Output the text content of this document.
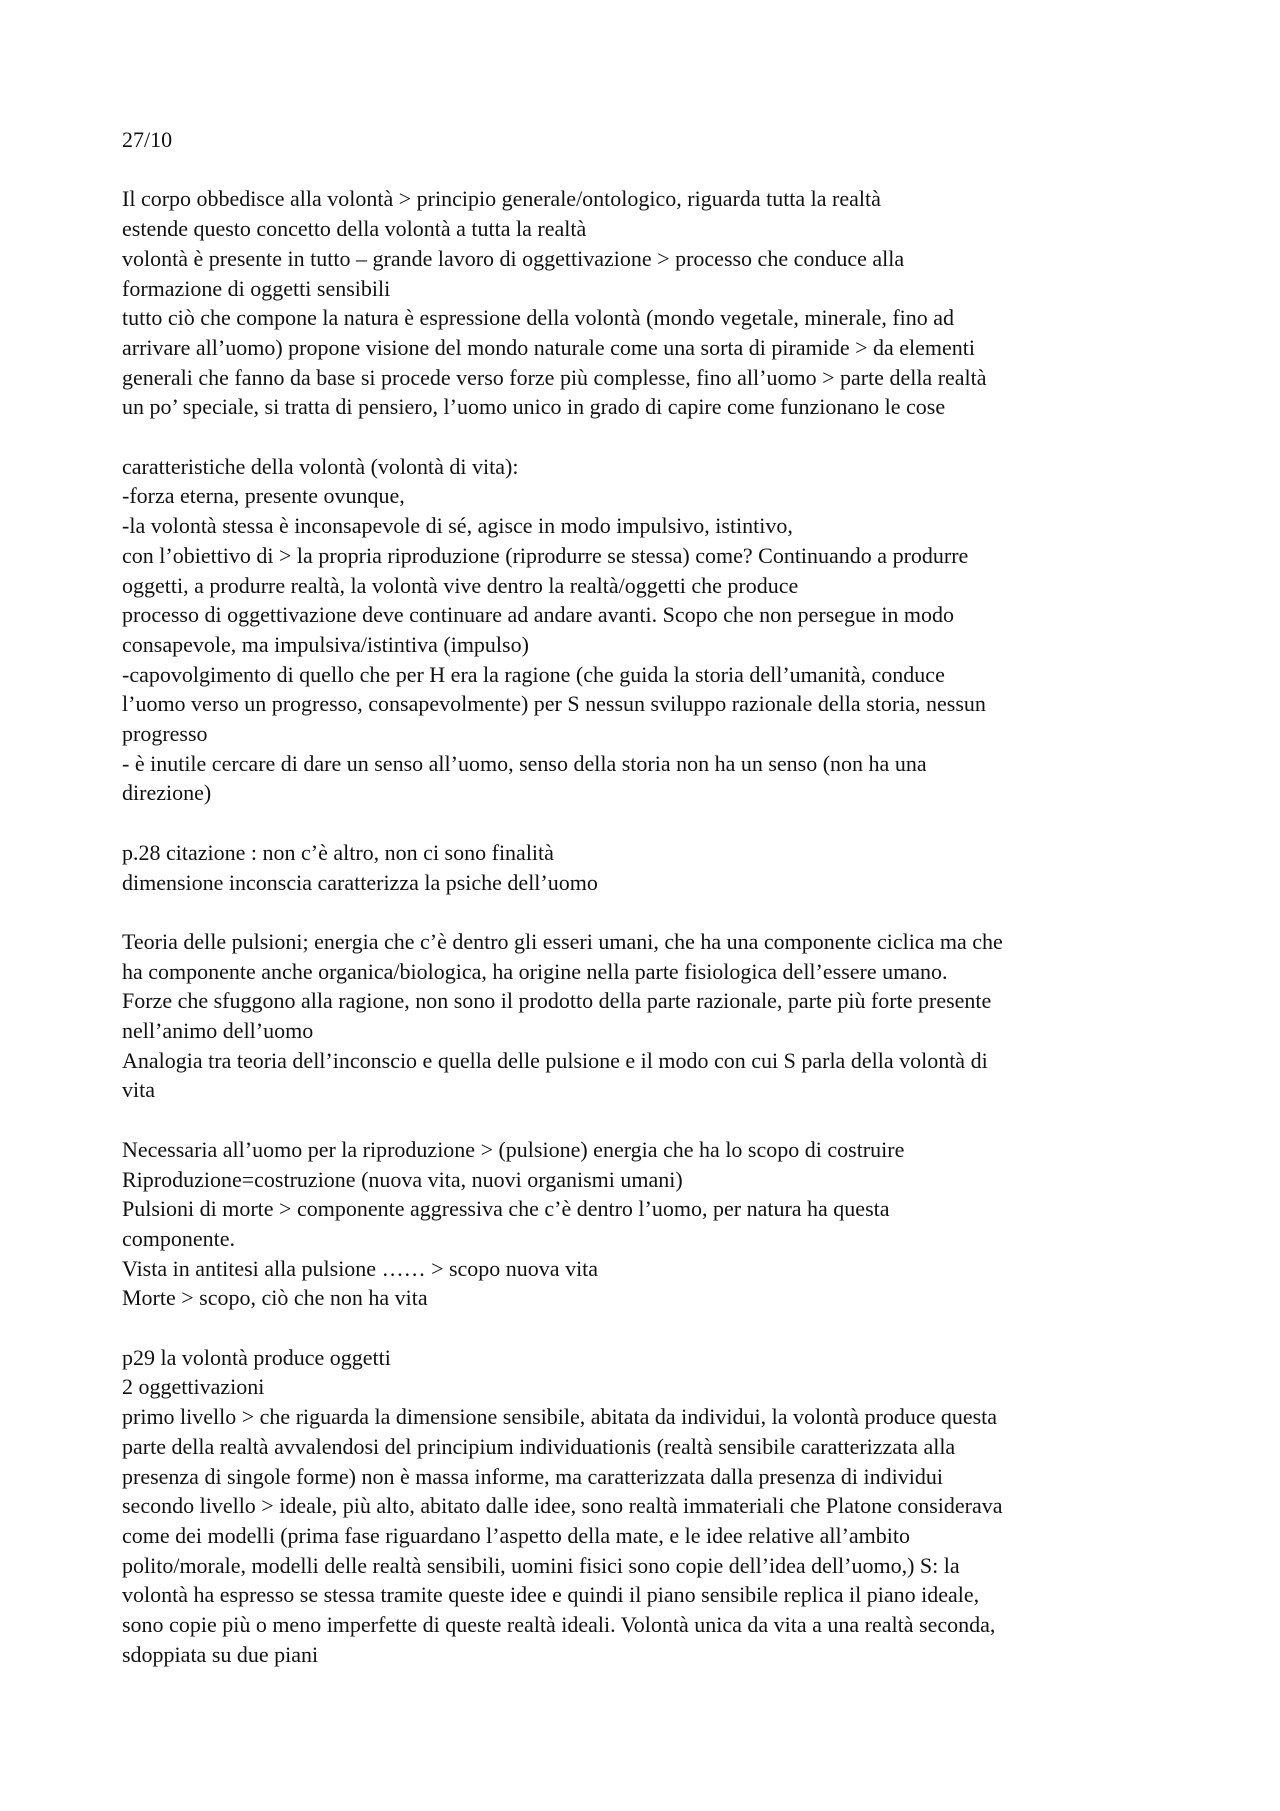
27/10
Il corpo obbedisce alla volontà > principio generale/ontologico, riguarda tutta la realtà
estende questo concetto della volontà a tutta la realtà
volontà è presente in tutto – grande lavoro di oggettivazione > processo che conduce alla
formazione di oggetti sensibili
tutto ciò che compone la natura è espressione della volontà (mondo vegetale, minerale, fino ad
arrivare all’uomo) propone visione del mondo naturale come una sorta di piramide > da elementi
generali che fanno da base si procede verso forze più complesse, fino all’uomo > parte della realtà
un po’ speciale, si tratta di pensiero, l’uomo unico in grado di capire come funzionano le cose
caratteristiche della volontà (volontà di vita):
-forza eterna, presente ovunque,
-la volontà stessa è inconsapevole di sé, agisce in modo impulsivo, istintivo,
con l’obiettivo di > la propria riproduzione (riprodurre se stessa) come? Continuando a produrre
oggetti, a produrre realtà, la volontà vive dentro la realtà/oggetti che produce
processo di oggettivazione deve continuare ad andare avanti. Scopo che non persegue in modo
consapevole, ma impulsiva/istintiva (impulso)
-capovolgimento di quello che per H era la ragione (che guida la storia dell’umanità, conduce
l’uomo verso un progresso, consapevolmente) per S nessun sviluppo razionale della storia, nessun
progresso
- è inutile cercare di dare un senso all’uomo, senso della storia non ha un senso (non ha una
direzione)
p.28 citazione : non c’è altro, non ci sono finalità
dimensione inconscia caratterizza la psiche dell’uomo
Teoria delle pulsioni; energia che c’è dentro gli esseri umani, che ha una componente ciclica ma che
ha componente anche organica/biologica, ha origine nella parte fisiologica dell’essere umano.
Forze che sfuggono alla ragione, non sono il prodotto della parte razionale, parte più forte presente
nell’animo dell’uomo
Analogia tra teoria dell’inconscio e quella delle pulsione e il modo con cui S parla della volontà di
vita
Necessaria all’uomo per la riproduzione > (pulsione) energia che ha lo scopo di costruire
Riproduzione=costruzione (nuova vita, nuovi organismi umani)
Pulsioni di morte > componente aggressiva che c’è dentro l’uomo, per natura ha questa
componente.
Vista in antitesi alla pulsione …… > scopo nuova vita
Morte > scopo, ciò che non ha vita
p29 la volontà produce oggetti
2 oggettivazioni
primo livello > che riguarda la dimensione sensibile, abitata da individui, la volontà produce questa
parte della realtà avvalendosi del principium individuationis (realtà sensibile caratterizzata alla
presenza di singole forme) non è massa informe, ma caratterizzata dalla presenza di individui
secondo livello > ideale, più alto, abitato dalle idee, sono realtà immateriali che Platone considerava
come dei modelli (prima fase riguardano l’aspetto della mate, e le idee relative all’ambito
polito/morale, modelli delle realtà sensibili, uomini fisici sono copie dell’idea dell’uomo,) S: la
volontà ha espresso se stessa tramite queste idee e quindi il piano sensibile replica il piano ideale,
sono copie più o meno imperfette di queste realtà ideali. Volontà unica da vita a una realtà seconda,
sdoppiata su due piani
